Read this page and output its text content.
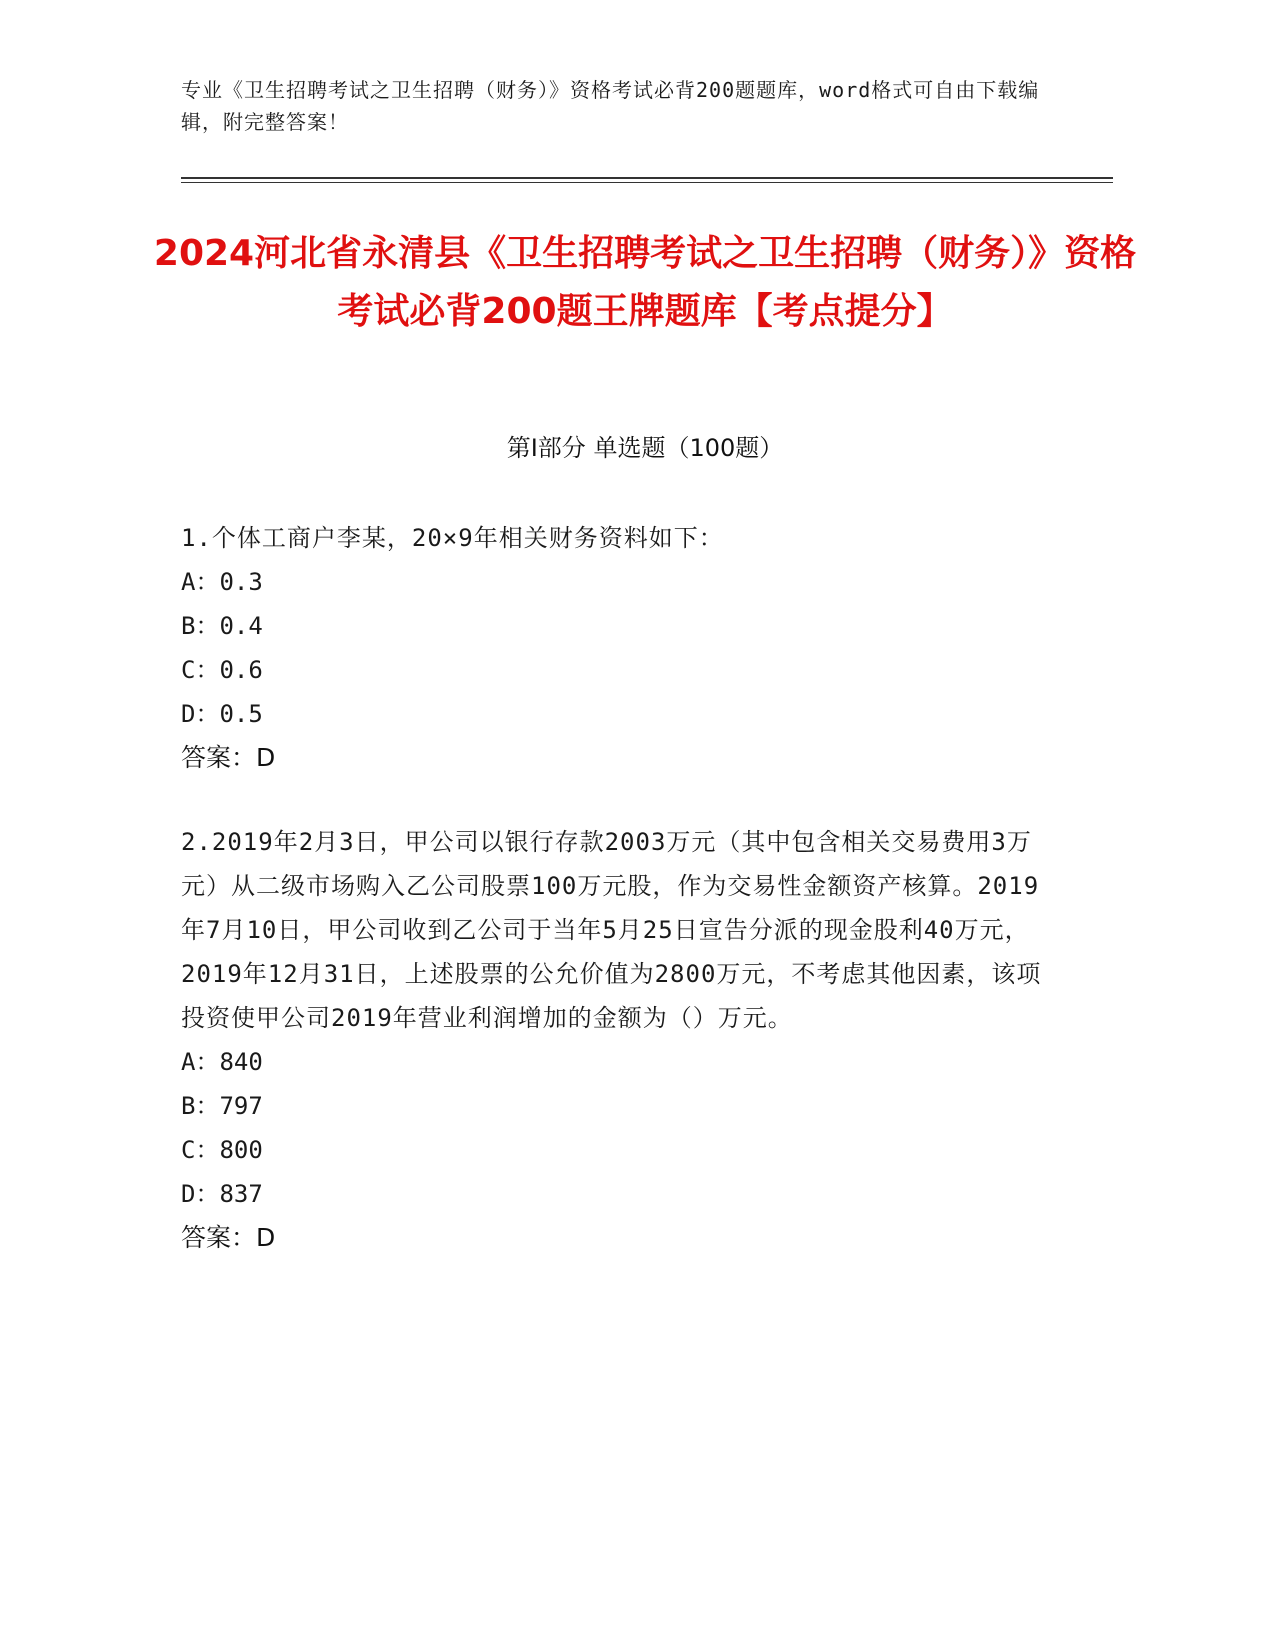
专业《卫生招聘考试之卫生招聘（财务）》资格考试必背200题题库，word格式可自由下载编辑，附完整答案！
2024河北省永清县《卫生招聘考试之卫生招聘（财务）》资格考试必背200题王牌题库【考点提分】
第I部分 单选题（100题）
1.个体工商户李某，20×9年相关财务资料如下：
A：0.3
B：0.4
C：0.6
D：0.5
答案：D
2.2019年2月3日，甲公司以银行存款2003万元（其中包含相关交易费用3万元）从二级市场购入乙公司股票100万元股，作为交易性金额资产核算。2019年7月10日，甲公司收到乙公司于当年5月25日宣告分派的现金股利40万元，2019年12月31日，上述股票的公允价值为2800万元，不考虑其他因素，该项投资使甲公司2019年营业利润增加的金额为（）万元。
A：840
B：797
C：800
D：837
答案：D
